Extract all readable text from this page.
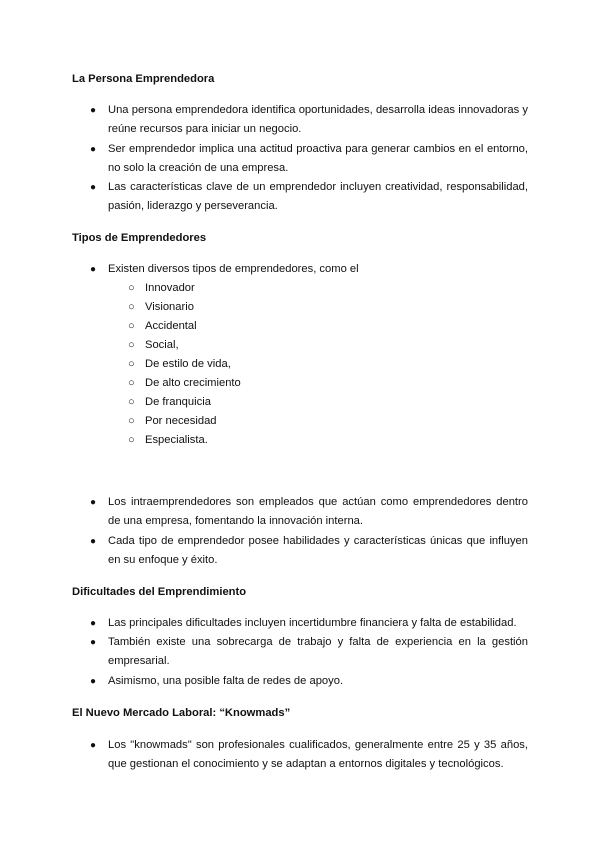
La Persona Emprendedora
●	Una persona emprendedora identifica oportunidades, desarrolla ideas innovadoras y reúne recursos para iniciar un negocio.
●	Ser emprendedor implica una actitud proactiva para generar cambios en el entorno, no solo la creación de una empresa.
●	Las características clave de un emprendedor incluyen creatividad, responsabilidad, pasión, liderazgo y perseverancia.
Tipos de Emprendedores
●	Existen diversos tipos de emprendedores, como el
○ Innovador
○ Visionario
○ Accidental
○ Social,
○ De estilo de vida,
○ De alto crecimiento
○ De franquicia
○ Por necesidad
○ Especialista.
●	Los intraemprendedores son empleados que actúan como emprendedores dentro de una empresa, fomentando la innovación interna.
●	Cada tipo de emprendedor posee habilidades y características únicas que influyen en su enfoque y éxito.
Dificultades del Emprendimiento
●	Las principales dificultades incluyen incertidumbre financiera y falta de estabilidad.
●	También existe una sobrecarga de trabajo y falta de experiencia en la gestión empresarial.
●	Asimismo, una posible falta de redes de apoyo.
El Nuevo Mercado Laboral: “Knowmads”
●	Los "knowmads" son profesionales cualificados, generalmente entre 25 y 35 años, que gestionan el conocimiento y se adaptan a entornos digitales y tecnológicos.
